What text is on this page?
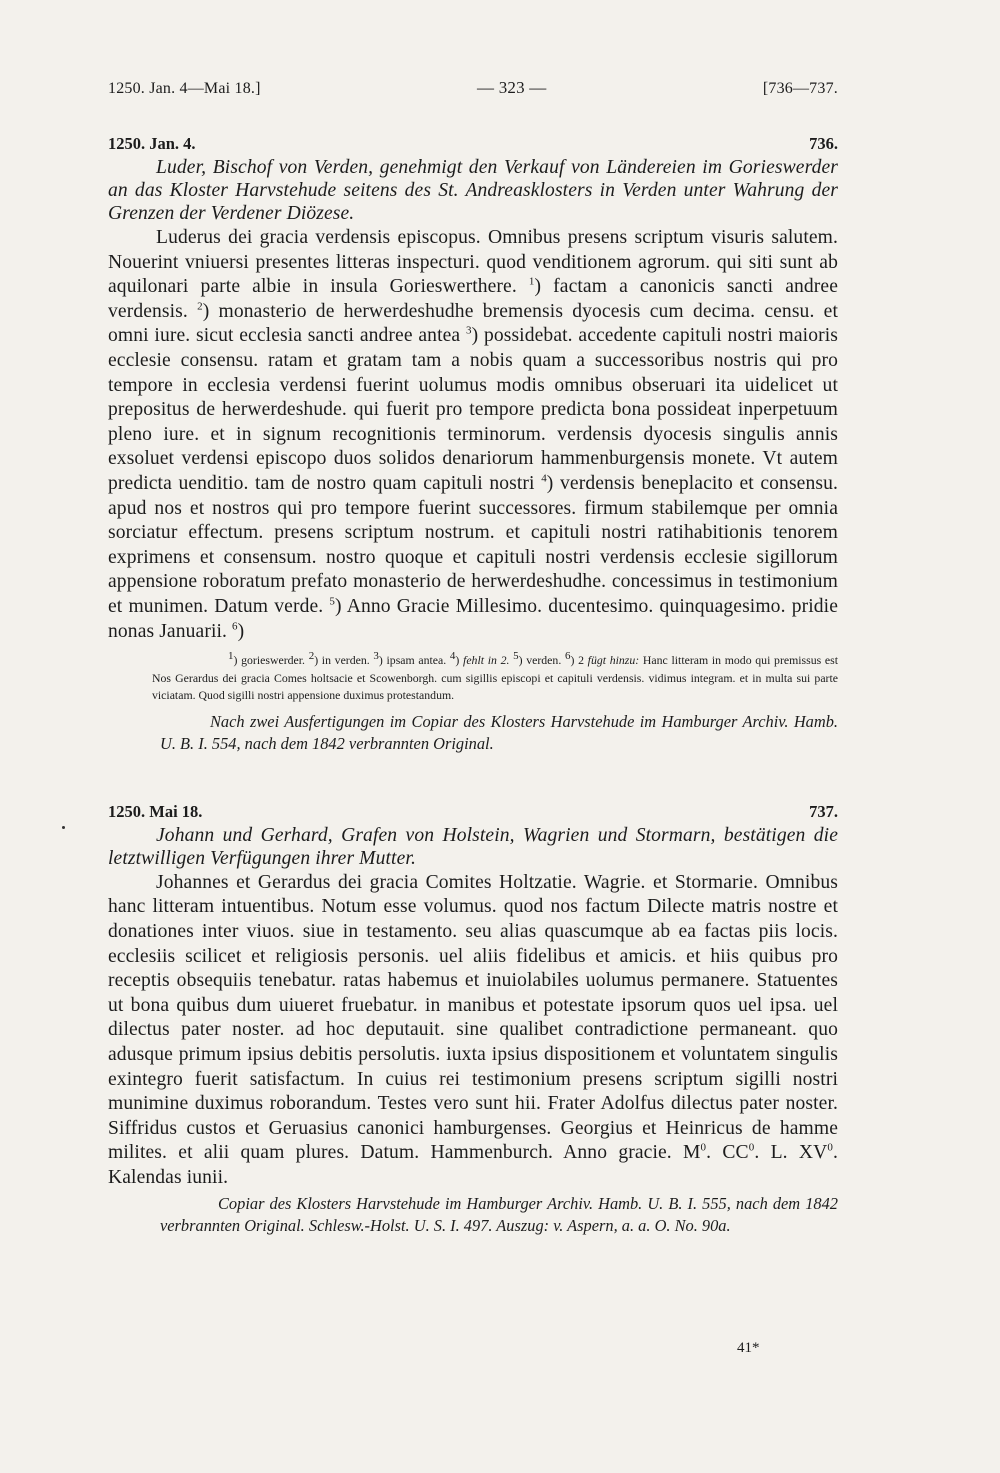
1250. Jan. 4—Mai 18.]	— 323 —	[736—737.
1250. Jan. 4.	736.

Luder, Bischof von Verden, genehmigt den Verkauf von Ländereien im Gorieswerder an das Kloster Harvstehude seitens des St. Andreasklosters in Verden unter Wahrung der Grenzen der Verdener Diözese.

Luderus dei gracia verdensis episcopus. Omnibus presens scriptum visuris salutem. Nouerint vniuersi presentes litteras inspecturi. quod venditionem agrorum. qui siti sunt ab aquilonari parte albie in insula Gorieswerthere. $^1$) factam a canonicis sancti andree verdensis. $^2$) monasterio de herwerdeshudhe bremensis dyocesis cum decima. censu. et omni iure. sicut ecclesia sancti andree antea $^3$) possidebat. accedente capituli nostri maioris ecclesie consensu. ratam et gratam tam a nobis quam a successoribus nostris qui pro tempore in ecclesia verdensi fuerint uolumus modis omnibus obseruari ita uidelicet ut prepositus de herwerdeshude. qui fuerit pro tempore predicta bona possideat inperpetuum pleno iure. et in signum recognitionis terminorum. verdensis dyocesis singulis annis exsoluet verdensi episcopo duos solidos denariorum hammenburgensis monete. Vt autem predicta uenditio. tam de nostro quam capituli nostri $^4$) verdensis beneplacito et consensu. apud nos et nostros qui pro tempore fuerint successores. firmum stabilemque per omnia sorciatur effectum. presens scriptum nostrum. et capituli nostri ratihabitionis tenorem exprimens et consensum. nostro quoque et capituli nostri verdensis ecclesie sigillorum appensione roboratum prefato monasterio de herwerdeshudhe. concessimus in testimonium et munimen. Datum verde. $^5$) Anno Gracie Millesimo. ducentesimo. quinquagesimo. pridie nonas Januarii. $^6$)

$^1$) gorieswerder. $^2$) in verden. $^3$) ipsam antea. $^4$) fehlt in 2. $^5$) verden. $^6$) 2 fügt hinzu: Hanc litteram in modo qui premissus est Nos Gerardus dei gracia Comes holtsacie et Scowenborgh. cum sigillis episcopi et capituli verdensis. vidimus integram. et in multa sui parte viciatam. Quod sigilli nostri appensione duximus protestandum.

Nach zwei Ausfertigungen im Copiar des Klosters Harvstehude im Hamburger Archiv. Hamb. U. B. I. 554, nach dem 1842 verbrannten Original.

1250. Mai 18.	737.

Johann und Gerhard, Grafen von Holstein, Wagrien und Stormarn, bestätigen die letztwilligen Verfügungen ihrer Mutter.

Johannes et Gerardus dei gracia Comites Holtzatie. Wagrie. et Stormarie. Omnibus hanc litteram intuentibus. Notum esse volumus. quod nos factum Dilecte matris nostre et donationes inter viuos. siue in testamento. seu alias quascumque ab ea factas piis locis. ecclesiis scilicet et religiosis personis. uel aliis fidelibus et amicis. et hiis quibus pro receptis obsequiis tenebatur. ratas habemus et inuiolabiles uolumus permanere. Statuentes ut bona quibus dum uiueret fruebatur. in manibus et potestate ipsorum quos uel ipsa. uel dilectus pater noster. ad hoc deputauit. sine qualibet contradictione permaneant. quo adusque primum ipsius debitis persolutis. iuxta ipsius dispositionem et voluntatem singulis exintegro fuerit satisfactum. In cuius rei testimonium presens scriptum sigilli nostri munimine duximus roborandum. Testes vero sunt hii. Frater Adolfus dilectus pater noster. Siffridus custos et Geruasius canonici hamburgenses. Georgius et Heinricus de hamme milites. et alii quam plures. Datum. Hammenburch. Anno gracie. $M^0$. $CC^0$. L. $XV^0$. Kalendas iunii.

Copiar des Klosters Harvstehude im Hamburger Archiv. Hamb. U. B. I. 555, nach dem 1842 verbrannten Original. Schlesw.-Holst. U. S. I. 497. Auszug: v. Aspern, a. a. O. No. 90a.

41*
